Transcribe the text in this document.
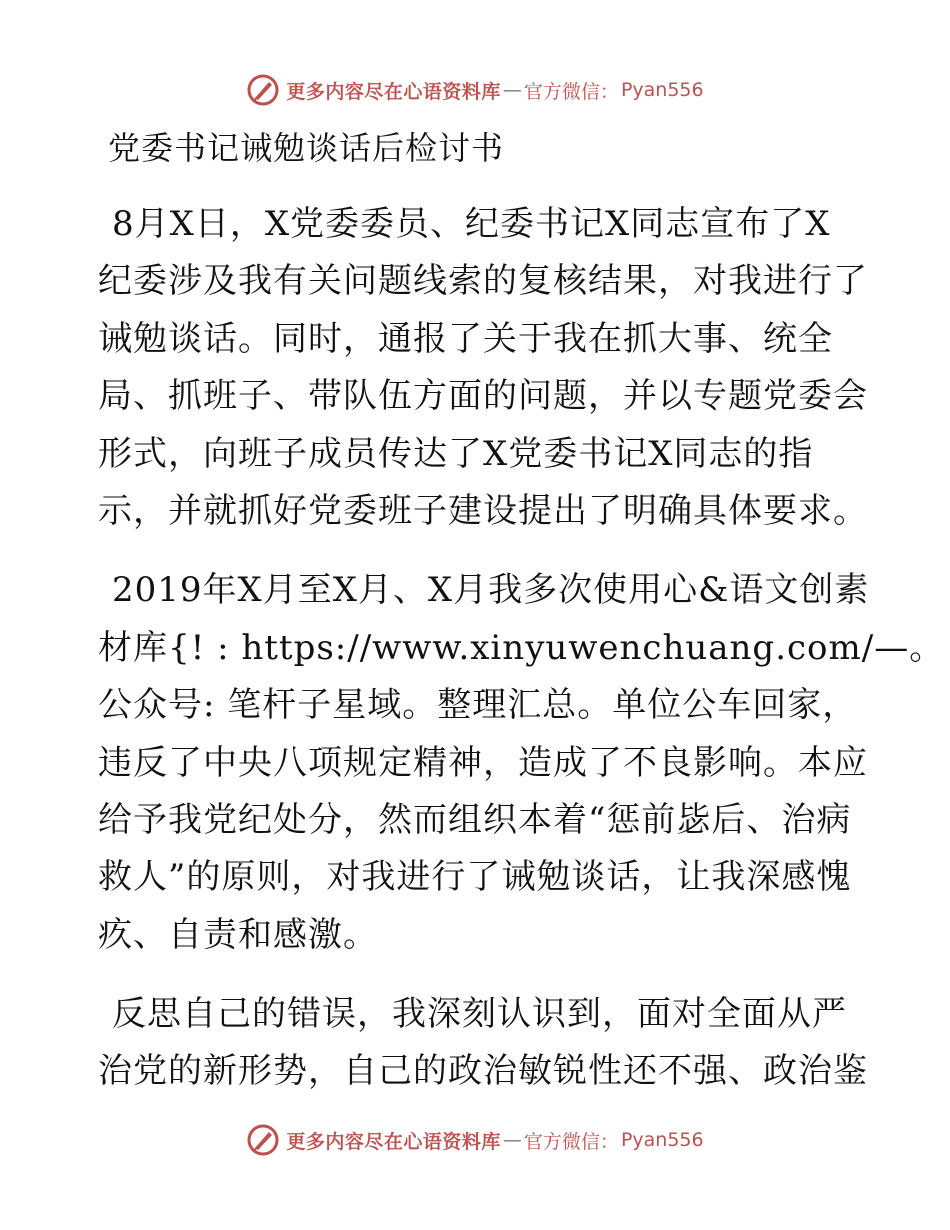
更多内容尽在心语资料库 — 官方微信： Pyan556
党委书记诫勉谈话后检讨书
8月X日，X党委委员、纪委书记X同志宣布了X
纪委涉及我有关问题线索的复核结果，对我进行了
诫勉谈话。同时，通报了关于我在抓大事、统全
局、抓班子、带队伍方面的问题，并以专题党委会
形式，向班子成员传达了X党委书记X同志的指
示，并就抓好党委班子建设提出了明确具体要求。
2019年X月至X月、X月我多次使用心&语文创素
材库{! : https://www.xinyuwenchuang.com/—。
公众号: 笔杆子星域。整理汇总。单位公车回家，
违反了中央八项规定精神，造成了不良影响。本应
给予我党纪处分，然而组织本着“惩前毖后、治病
救人”的原则，对我进行了诫勉谈话，让我深感愧
疚、自责和感激。
反思自己的错误，我深刻认识到，面对全面从严
治党的新形势，自己的政治敏锐性还不强、政治鉴
更多内容尽在心语资料库 — 官方微信： Pyan556
